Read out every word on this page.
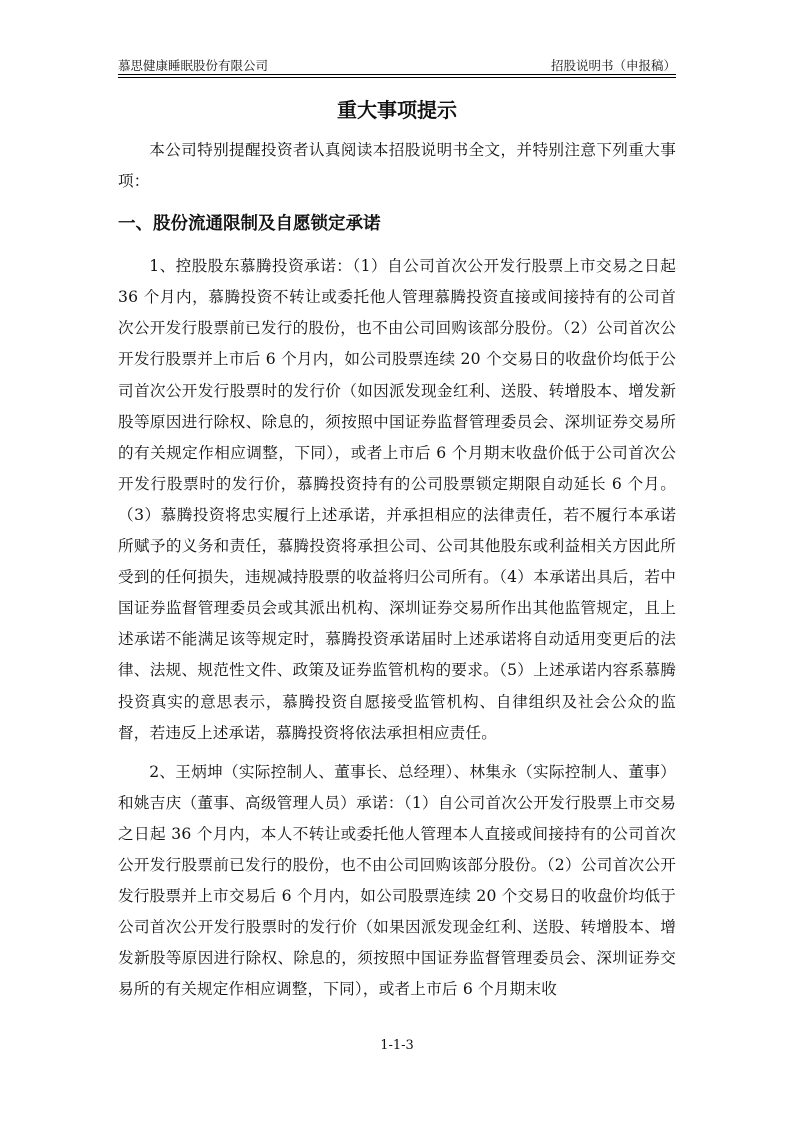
慕思健康睡眠股份有限公司	招股说明书（申报稿）
重大事项提示

本公司特别提醒投资者认真阅读本招股说明书全文，并特别注意下列重大事项：

一、股份流通限制及自愿锁定承诺

1、控股股东慕腾投资承诺：（1）自公司首次公开发行股票上市交易之日起 36 个月内，慕腾投资不转让或委托他人管理慕腾投资直接或间接持有的公司首次公开发行股票前已发行的股份，也不由公司回购该部分股份。（2）公司首次公开发行股票并上市后 6 个月内，如公司股票连续 20 个交易日的收盘价均低于公司首次公开发行股票时的发行价（如因派发现金红利、送股、转增股本、增发新股等原因进行除权、除息的，须按照中国证券监督管理委员会、深圳证券交易所的有关规定作相应调整，下同），或者上市后 6 个月期末收盘价低于公司首次公开发行股票时的发行价，慕腾投资持有的公司股票锁定期限自动延长 6 个月。（3）慕腾投资将忠实履行上述承诺，并承担相应的法律责任，若不履行本承诺所赋予的义务和责任，慕腾投资将承担公司、公司其他股东或利益相关方因此所受到的任何损失，违规减持股票的收益将归公司所有。（4）本承诺出具后，若中国证券监督管理委员会或其派出机构、深圳证券交易所作出其他监管规定，且上述承诺不能满足该等规定时，慕腾投资承诺届时上述承诺将自动适用变更后的法律、法规、规范性文件、政策及证券监管机构的要求。（5）上述承诺内容系慕腾投资真实的意思表示，慕腾投资自愿接受监管机构、自律组织及社会公众的监督，若违反上述承诺，慕腾投资将依法承担相应责任。

2、王炳坤（实际控制人、董事长、总经理）、林集永（实际控制人、董事）和姚吉庆（董事、高级管理人员）承诺：（1）自公司首次公开发行股票上市交易之日起 36 个月内，本人不转让或委托他人管理本人直接或间接持有的公司首次公开发行股票前已发行的股份，也不由公司回购该部分股份。（2）公司首次公开发行股票并上市交易后 6 个月内，如公司股票连续 20 个交易日的收盘价均低于公司首次公开发行股票时的发行价（如果因派发现金红利、送股、转增股本、增发新股等原因进行除权、除息的，须按照中国证券监督管理委员会、深圳证券交易所的有关规定作相应调整，下同），或者上市后 6 个月期末收

1-1-3
